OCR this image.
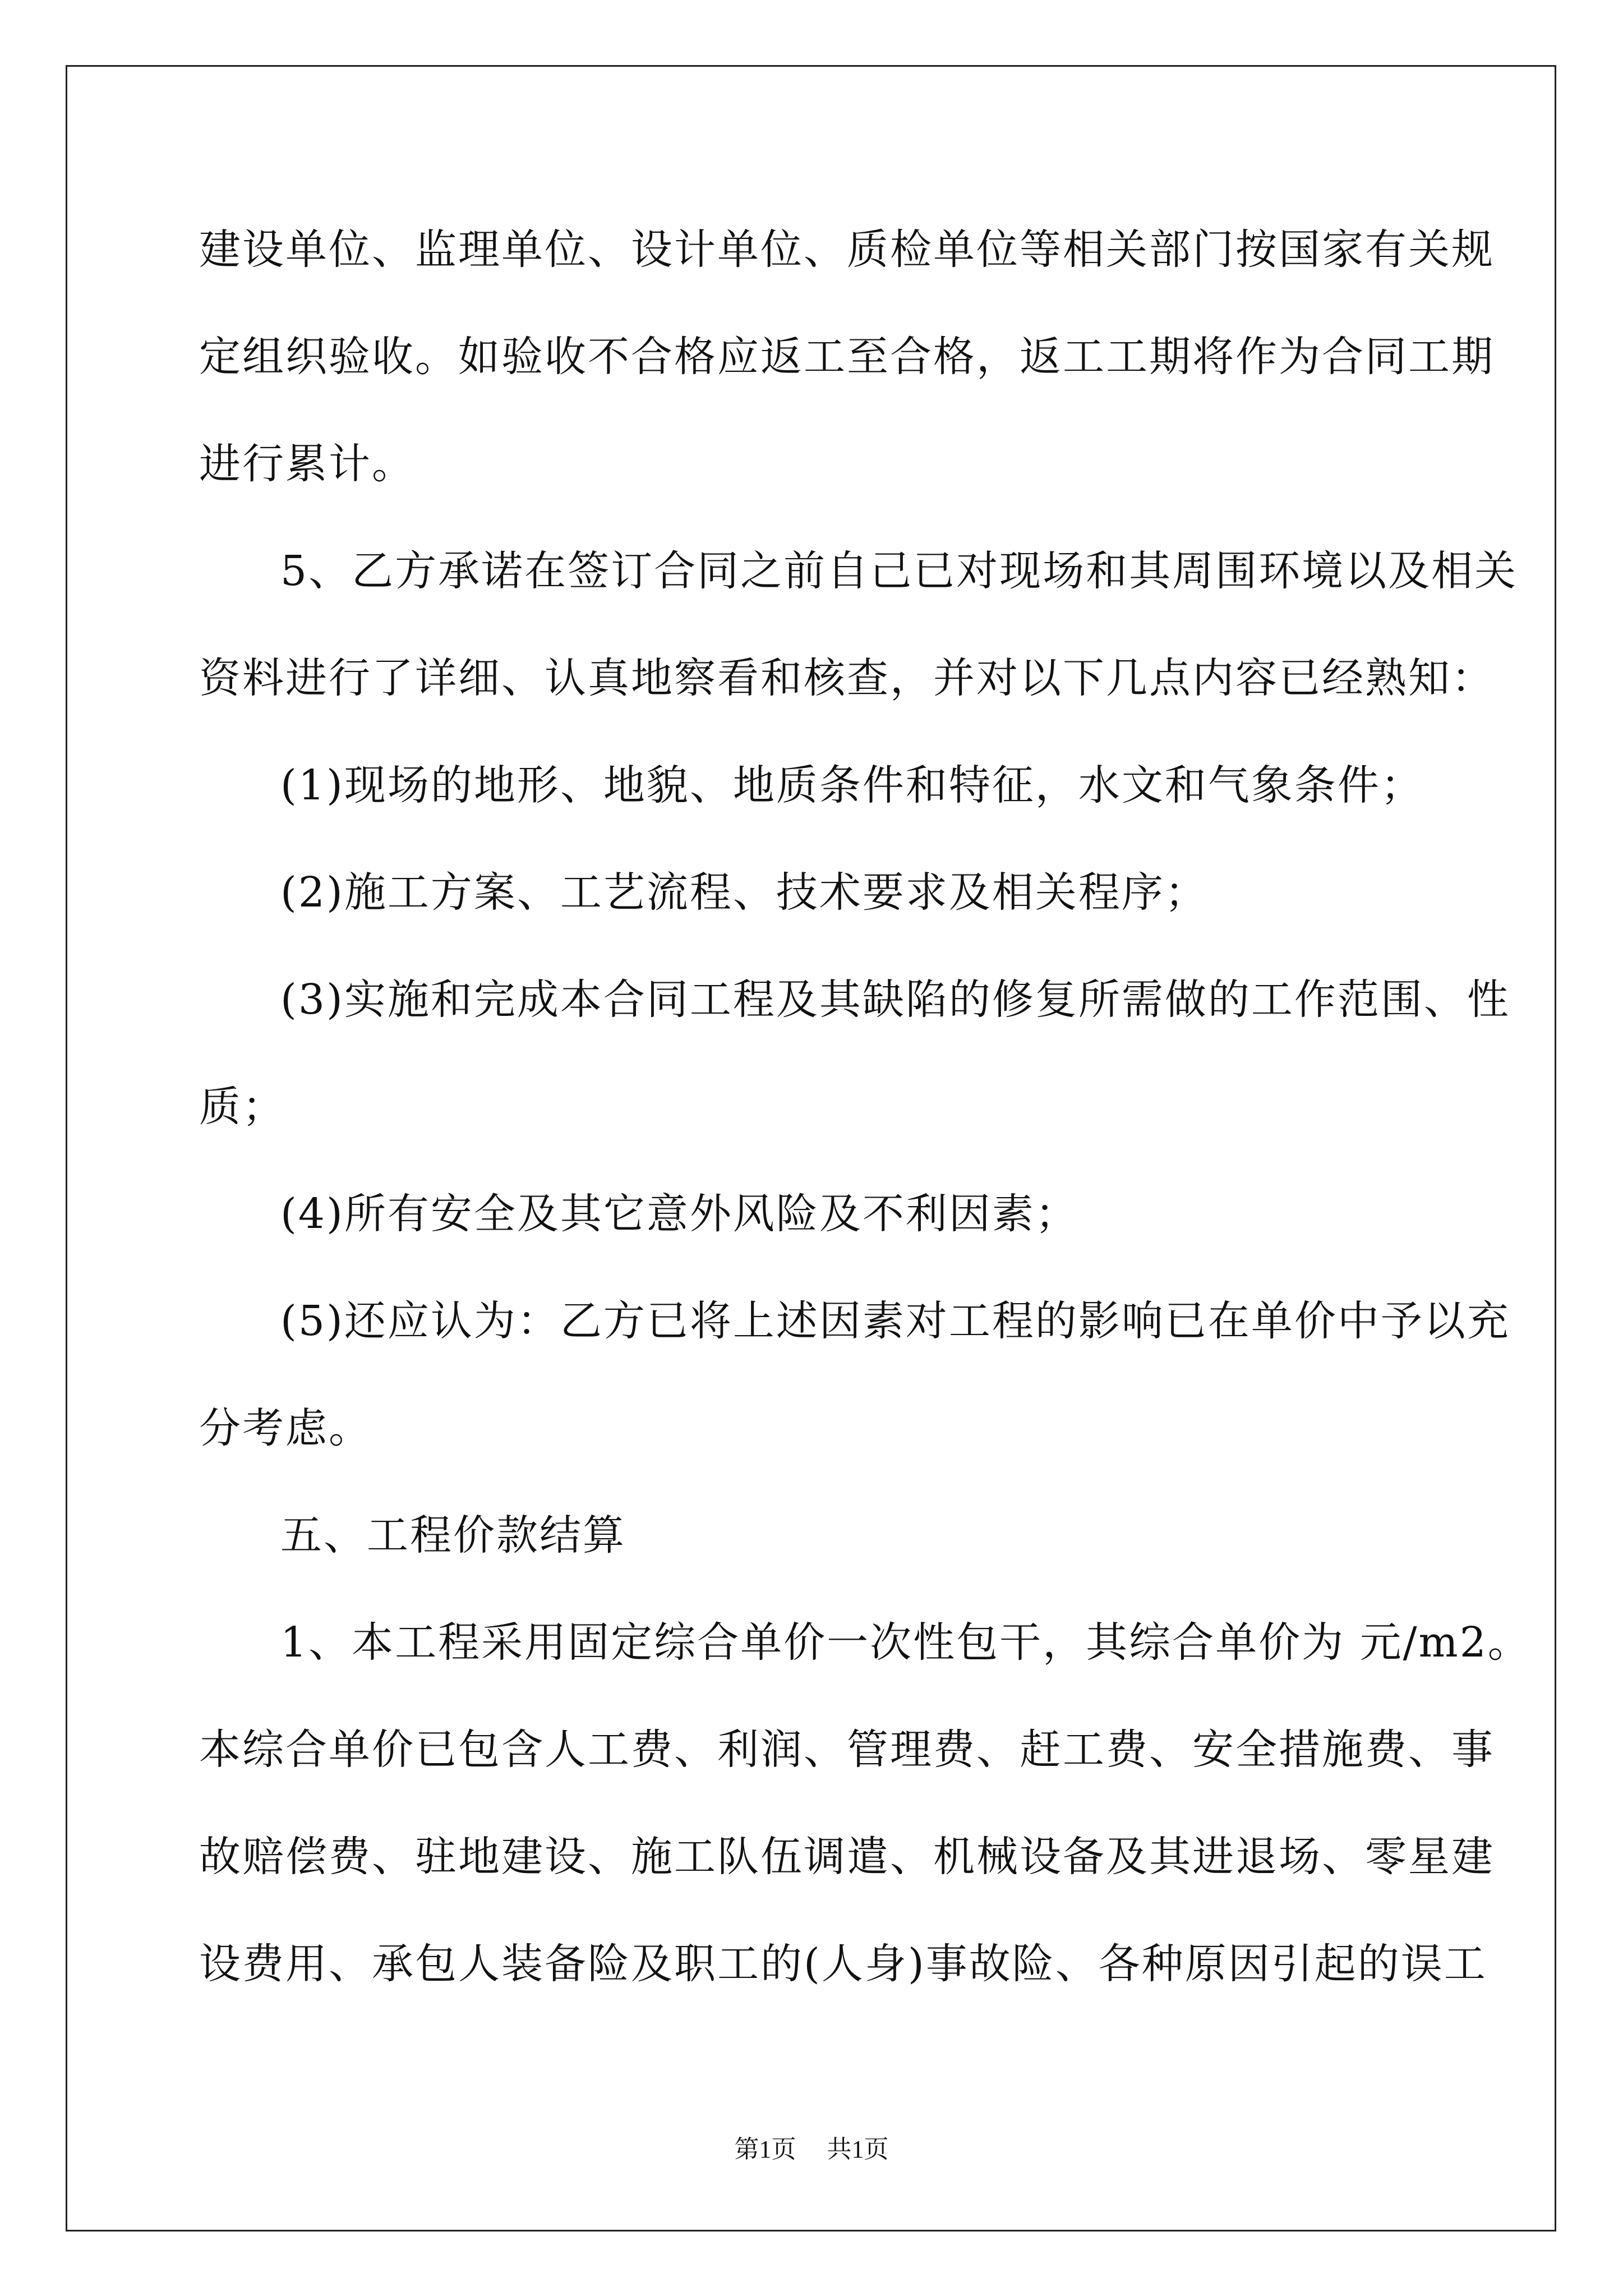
建设单位、监理单位、设计单位、质检单位等相关部门按国家有关规
定组织验收。如验收不合格应返工至合格，返工工期将作为合同工期
进行累计。
5、乙方承诺在签订合同之前自己已对现场和其周围环境以及相关
资料进行了详细、认真地察看和核查，并对以下几点内容已经熟知：
(1)现场的地形、地貌、地质条件和特征，水文和气象条件；
(2)施工方案、工艺流程、技术要求及相关程序；
(3)实施和完成本合同工程及其缺陷的修复所需做的工作范围、性
质；
(4)所有安全及其它意外风险及不利因素；
(5)还应认为：乙方已将上述因素对工程的影响已在单价中予以充
分考虑。
五、工程价款结算
1、本工程采用固定综合单价一次性包干，其综合单价为 元/m2。
本综合单价已包含人工费、利润、管理费、赶工费、安全措施费、事
故赔偿费、驻地建设、施工队伍调遣、机械设备及其进退场、零星建
设费用、承包人装备险及职工的(人身)事故险、各种原因引起的误工
第1页 共1页
